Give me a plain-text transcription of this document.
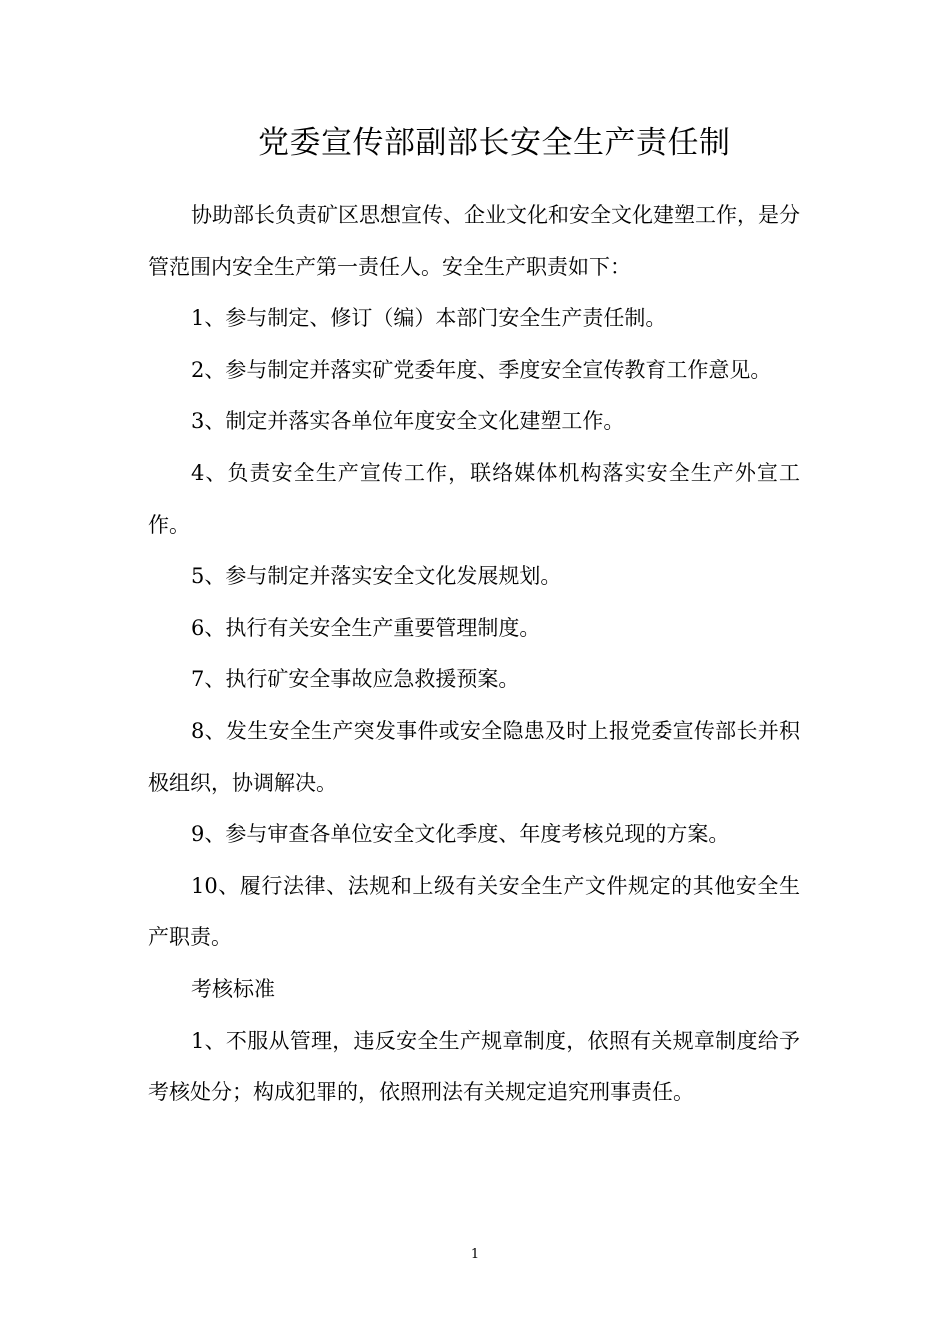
党委宣传部副部长安全生产责任制

协助部长负责矿区思想宣传、企业文化和安全文化建塑工作，是分管范围内安全生产第一责任人。安全生产职责如下：

1、参与制定、修订（编）本部门安全生产责任制。

2、参与制定并落实矿党委年度、季度安全宣传教育工作意见。

3、制定并落实各单位年度安全文化建塑工作。

4、负责安全生产宣传工作，联络媒体机构落实安全生产外宣工作。

5、参与制定并落实安全文化发展规划。

6、执行有关安全生产重要管理制度。

7、执行矿安全事故应急救援预案。

8、发生安全生产突发事件或安全隐患及时上报党委宣传部长并积极组织，协调解决。

9、参与审查各单位安全文化季度、年度考核兑现的方案。

10、履行法律、法规和上级有关安全生产文件规定的其他安全生产职责。

考核标准

1、不服从管理，违反安全生产规章制度，依照有关规章制度给予考核处分；构成犯罪的，依照刑法有关规定追究刑事责任。

1
